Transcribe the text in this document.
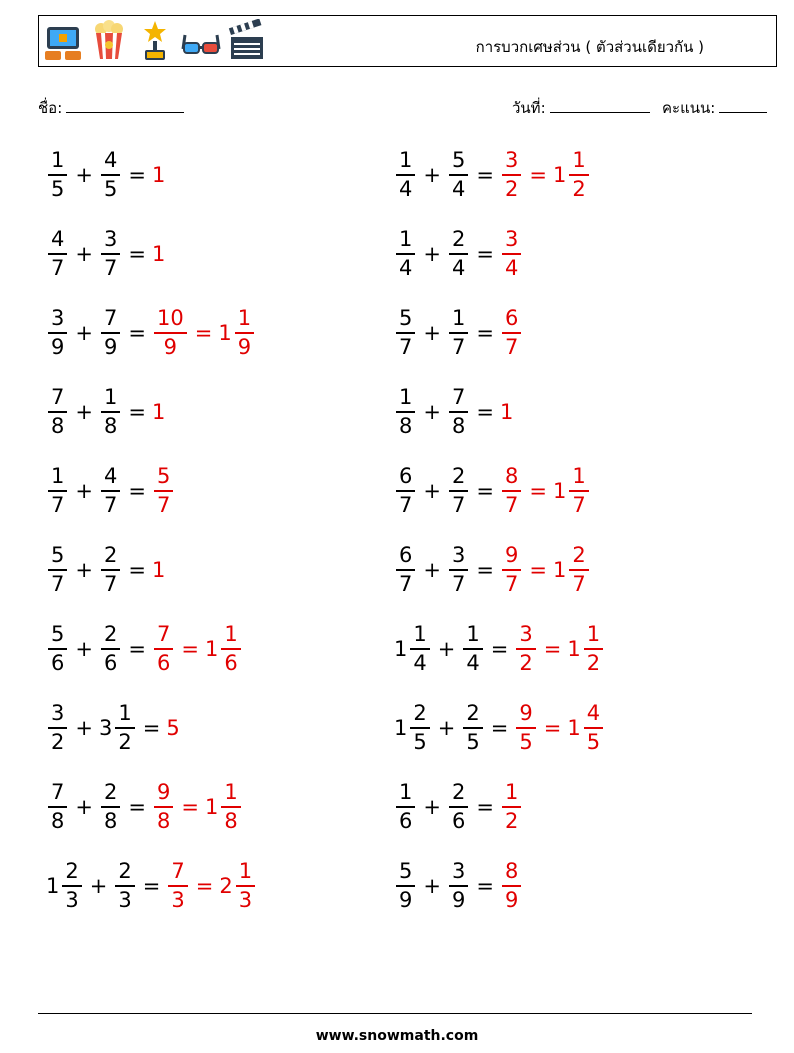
การบวกเศษส่วน ( ตัวส่วนเดียวกัน )
ชื่อ:	วันที่:	คะแนน:
$\frac{1}{5} + \frac{4}{5} = 1$	$\frac{1}{4} + \frac{5}{4} = \frac{3}{2} = 1 \frac{1}{2}$
$\frac{4}{7} + \frac{3}{7} = 1$	$\frac{1}{4} + \frac{2}{4} = \frac{3}{4}$
$\frac{3}{9} + \frac{7}{9} = \frac{10}{9} = 1 \frac{1}{9}$	$\frac{5}{7} + \frac{1}{7} = \frac{6}{7}$
$\frac{7}{8} + \frac{1}{8} = 1$	$\frac{1}{8} + \frac{7}{8} = 1$
$\frac{1}{7} + \frac{4}{7} = \frac{5}{7}$	$\frac{6}{7} + \frac{2}{7} = \frac{8}{7} = 1 \frac{1}{7}$
$\frac{5}{7} + \frac{2}{7} = 1$	$\frac{6}{7} + \frac{3}{7} = \frac{9}{7} = 1 \frac{2}{7}$
$\frac{5}{6} + \frac{2}{6} = \frac{7}{6} = 1 \frac{1}{6}$	$1 \frac{1}{4} + \frac{1}{4} = \frac{3}{2} = 1 \frac{1}{2}$
$\frac{3}{2} + 3 \frac{1}{2} = 5$	$1 \frac{2}{5} + \frac{2}{5} = \frac{9}{5} = 1 \frac{4}{5}$
$\frac{7}{8} + \frac{2}{8} = \frac{9}{8} = 1 \frac{1}{8}$	$\frac{1}{6} + \frac{2}{6} = \frac{1}{2}$
$1 \frac{2}{3} + \frac{2}{3} = \frac{7}{3} = 2 \frac{1}{3}$	$\frac{5}{9} + \frac{3}{9} = \frac{8}{9}$
www.snowmath.com
